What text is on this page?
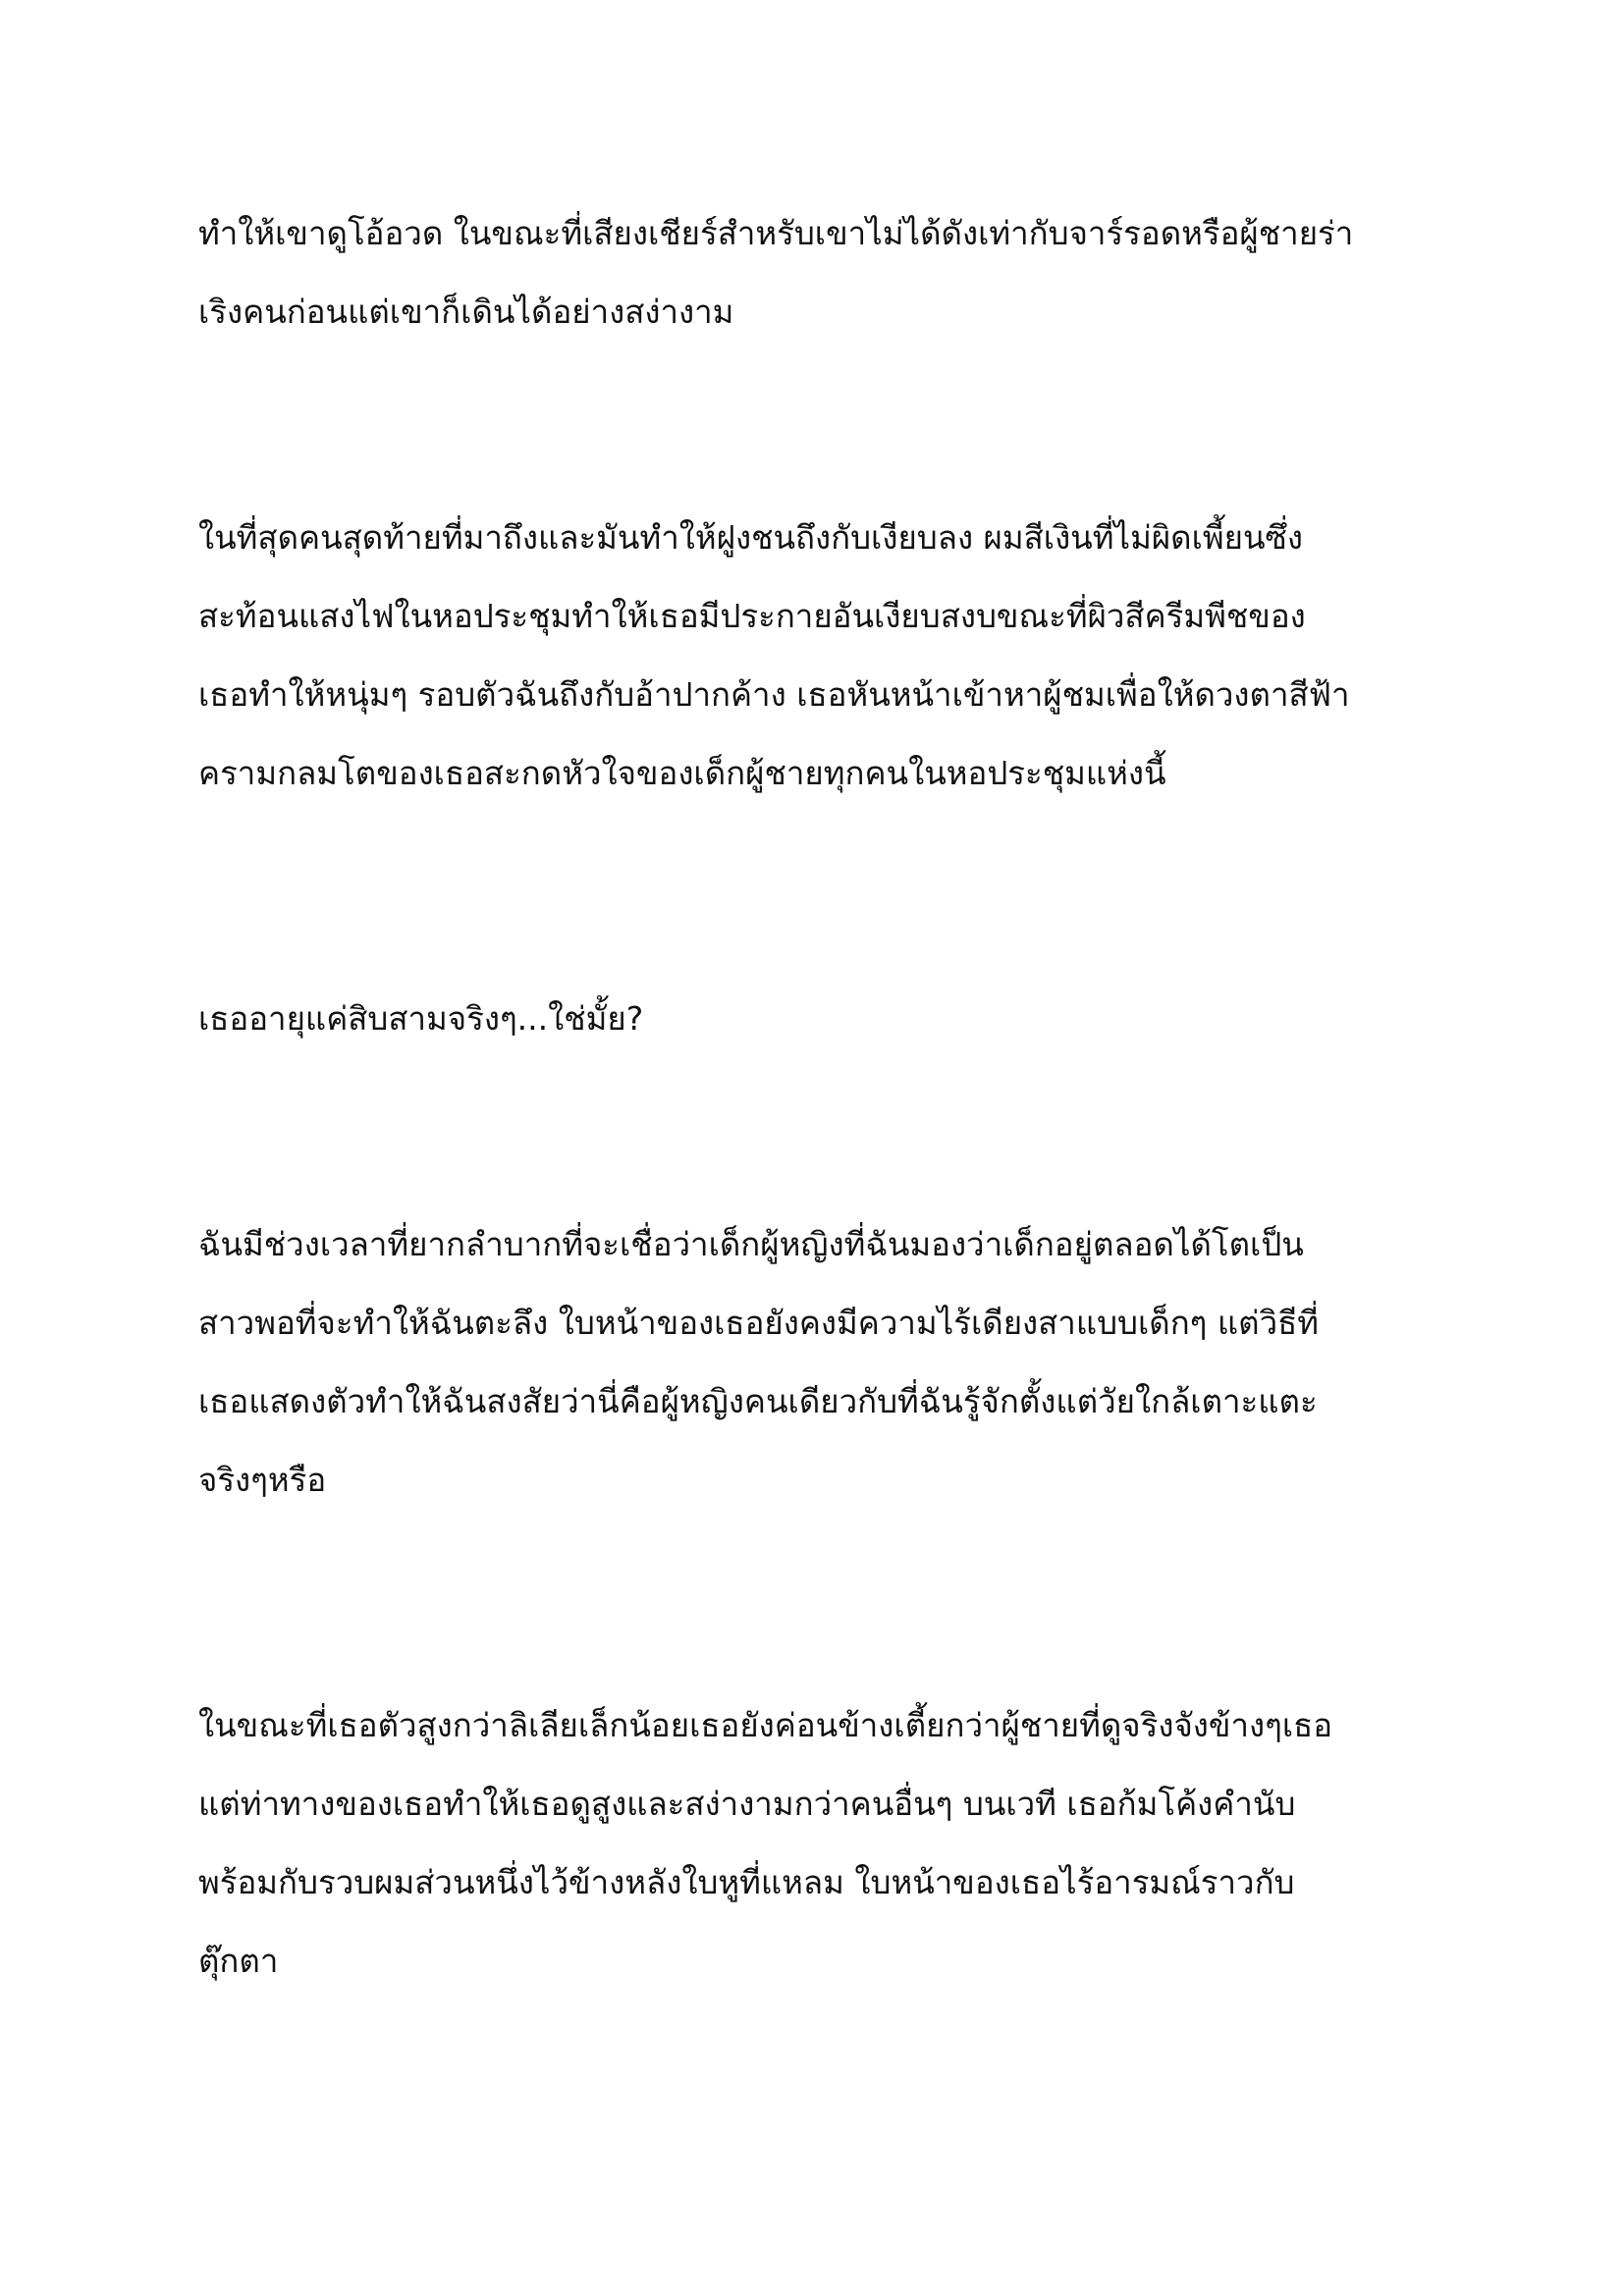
ทำให้เขาดูโอ้อวด ในขณะที่เสียงเชียร์สำหรับเขาไม่ได้ดังเท่ากับจาร์รอดหรือผู้ชายร่า
เริงคนก่อนแต่เขาก็เดินได้อย่างสง่างาม
ในที่สุดคนสุดท้ายที่มาถึงและมันทำให้ฝูงชนถึงกับเงียบลง ผมสีเงินที่ไม่ผิดเพี้ยนซึ่ง
สะท้อนแสงไฟในหอประชุมทำให้เธอมีประกายอันเงียบสงบขณะที่ผิวสีครีมพีชของ
เธอทำให้หนุ่มๆ รอบตัวฉันถึงกับอ้าปากค้าง เธอหันหน้าเข้าหาผู้ชมเพื่อให้ดวงตาสีฟ้า
ครามกลมโตของเธอสะกดหัวใจของเด็กผู้ชายทุกคนในหอประชุมแห่งนี้
เธออายุแค่สิบสามจริงๆ...ใช่มั้ย?
ฉันมีช่วงเวลาที่ยากลำบากที่จะเชื่อว่าเด็กผู้หญิงที่ฉันมองว่าเด็กอยู่ตลอดได้โตเป็น
สาวพอที่จะทำให้ฉันตะลึง ใบหน้าของเธอยังคงมีความไร้เดียงสาแบบเด็กๆ แต่วิธีที่
เธอแสดงตัวทำให้ฉันสงสัยว่านี่คือผู้หญิงคนเดียวกับที่ฉันรู้จักตั้งแต่วัยใกล้เตาะแตะ
จริงๆหรือ
ในขณะที่เธอตัวสูงกว่าลิเลียเล็กน้อยเธอยังค่อนข้างเตี้ยกว่าผู้ชายที่ดูจริงจังข้างๆเธอ
แต่ท่าทางของเธอทำให้เธอดูสูงและสง่างามกว่าคนอื่นๆ บนเวที เธอก้มโค้งคำนับ
พร้อมกับรวบผมส่วนหนึ่งไว้ข้างหลังใบหูที่แหลม ใบหน้าของเธอไร้อารมณ์ราวกับ
ตุ๊กตา
